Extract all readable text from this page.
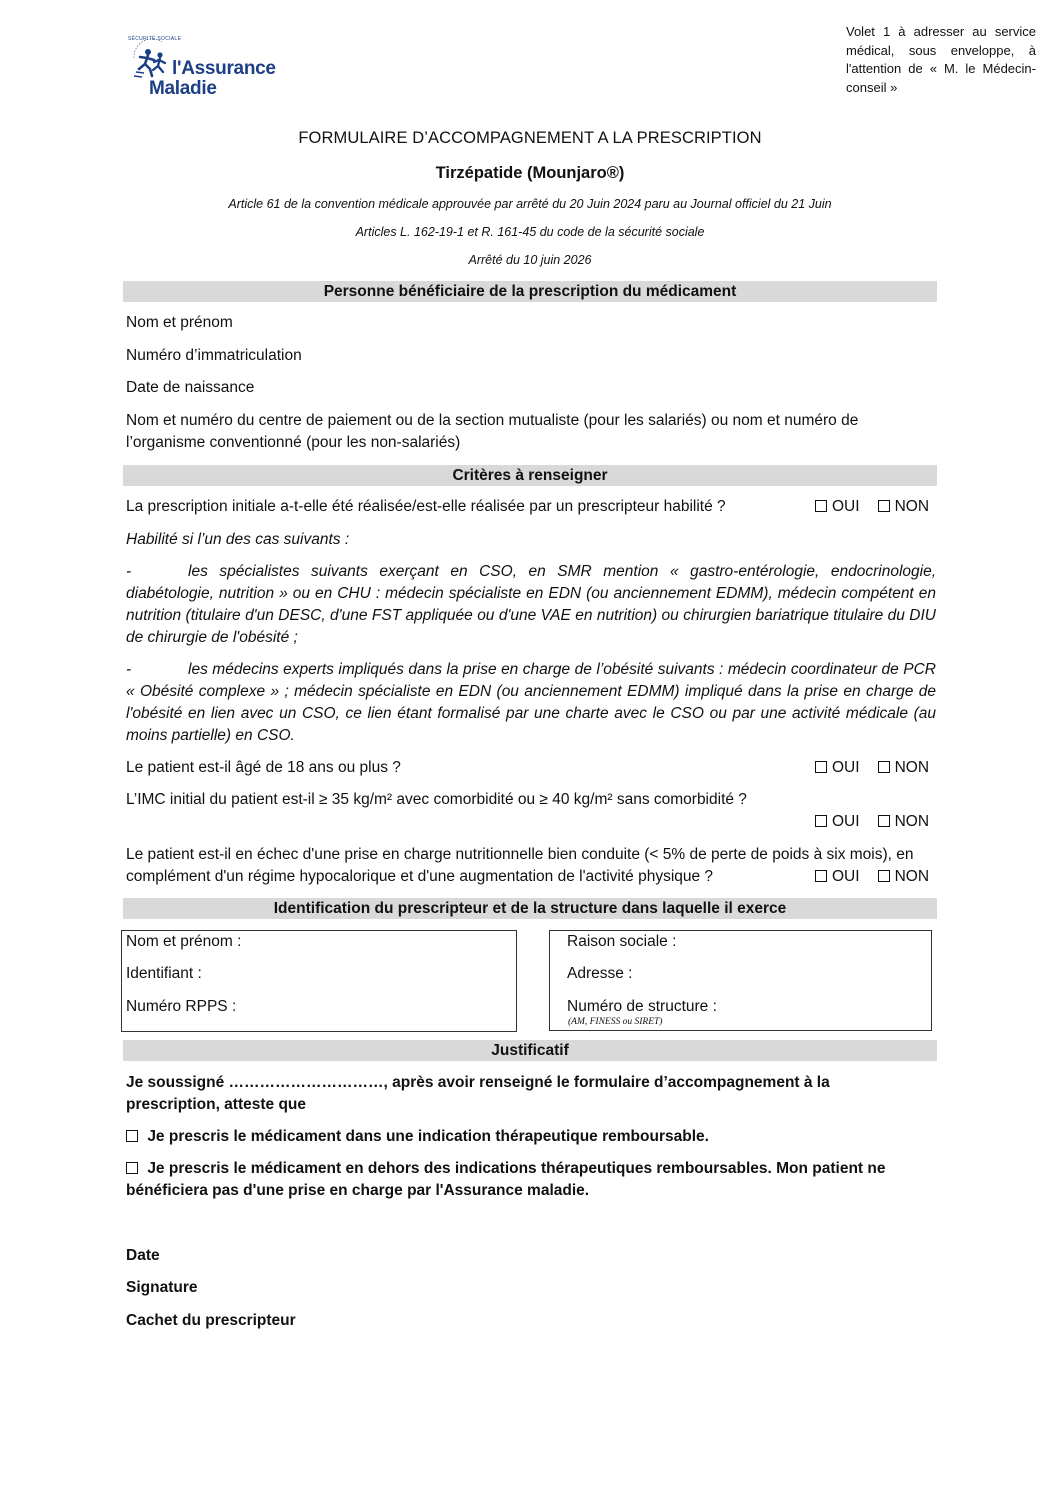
SÉCURITÉ SOCIALE
l'Assurance
Maladie
Volet 1 à adresser au service médical, sous enveloppe, à l'attention de « M. le Médecin-conseil »
FORMULAIRE D’ACCOMPAGNEMENT A LA PRESCRIPTION
Tirzépatide (Mounjaro®)
Article 61 de la convention médicale approuvée par arrêté du 20 Juin 2024 paru au Journal officiel du 21 Juin
Articles L. 162-19-1 et R. 161-45 du code de la sécurité sociale
Arrêté du 10 juin 2026
Personne bénéficiaire de la prescription du médicament
Nom et prénom
Numéro d’immatriculation
Date de naissance
Nom et numéro du centre de paiement ou de la section mutualiste (pour les salariés) ou nom et numéro de l’organisme conventionné (pour les non-salariés)
Critères à renseigner
La prescription initiale a-t-elle été réalisée/est-elle réalisée par un prescripteur habilité ?	OUI NON
Habilité si l’un des cas suivants :
-	les spécialistes suivants exerçant en CSO, en SMR mention « gastro-entérologie, endocrinologie, diabétologie, nutrition » ou en CHU : médecin spécialiste en EDN (ou anciennement EDMM), médecin compétent en nutrition (titulaire d'un DESC, d'une FST appliquée ou d'une VAE en nutrition) ou chirurgien bariatrique titulaire du DIU de chirurgie de l'obésité ;
-	les médecins experts impliqués dans la prise en charge de l’obésité suivants : médecin coordinateur de PCR « Obésité complexe » ; médecin spécialiste en EDN (ou anciennement EDMM) impliqué dans la prise en charge de l'obésité en lien avec un CSO, ce lien étant formalisé par une charte avec le CSO ou par une activité médicale (au moins partielle) en CSO.
Le patient est-il âgé de 18 ans ou plus ?	OUI NON
L’IMC initial du patient est-il ≥ 35 kg/m² avec comorbidité ou ≥ 40 kg/m² sans comorbidité ?
OUI NON
Le patient est-il en échec d'une prise en charge nutritionnelle bien conduite (< 5% de perte de poids à six mois), en complément d'un régime hypocalorique et d'une augmentation de l'activité physique ?	OUI NON
Identification du prescripteur et de la structure dans laquelle il exerce
Nom et prénom :
Identifiant :
Numéro RPPS :
Raison sociale :
Adresse :
Numéro de structure :
(AM, FINESS ou SIRET)
Justificatif
Je soussigné …………………………, après avoir renseigné le formulaire d’accompagnement à la prescription, atteste que
Je prescris le médicament dans une indication thérapeutique remboursable.
Je prescris le médicament en dehors des indications thérapeutiques remboursables. Mon patient ne bénéficiera pas d'une prise en charge par l'Assurance maladie.
Date
Signature
Cachet du prescripteur
